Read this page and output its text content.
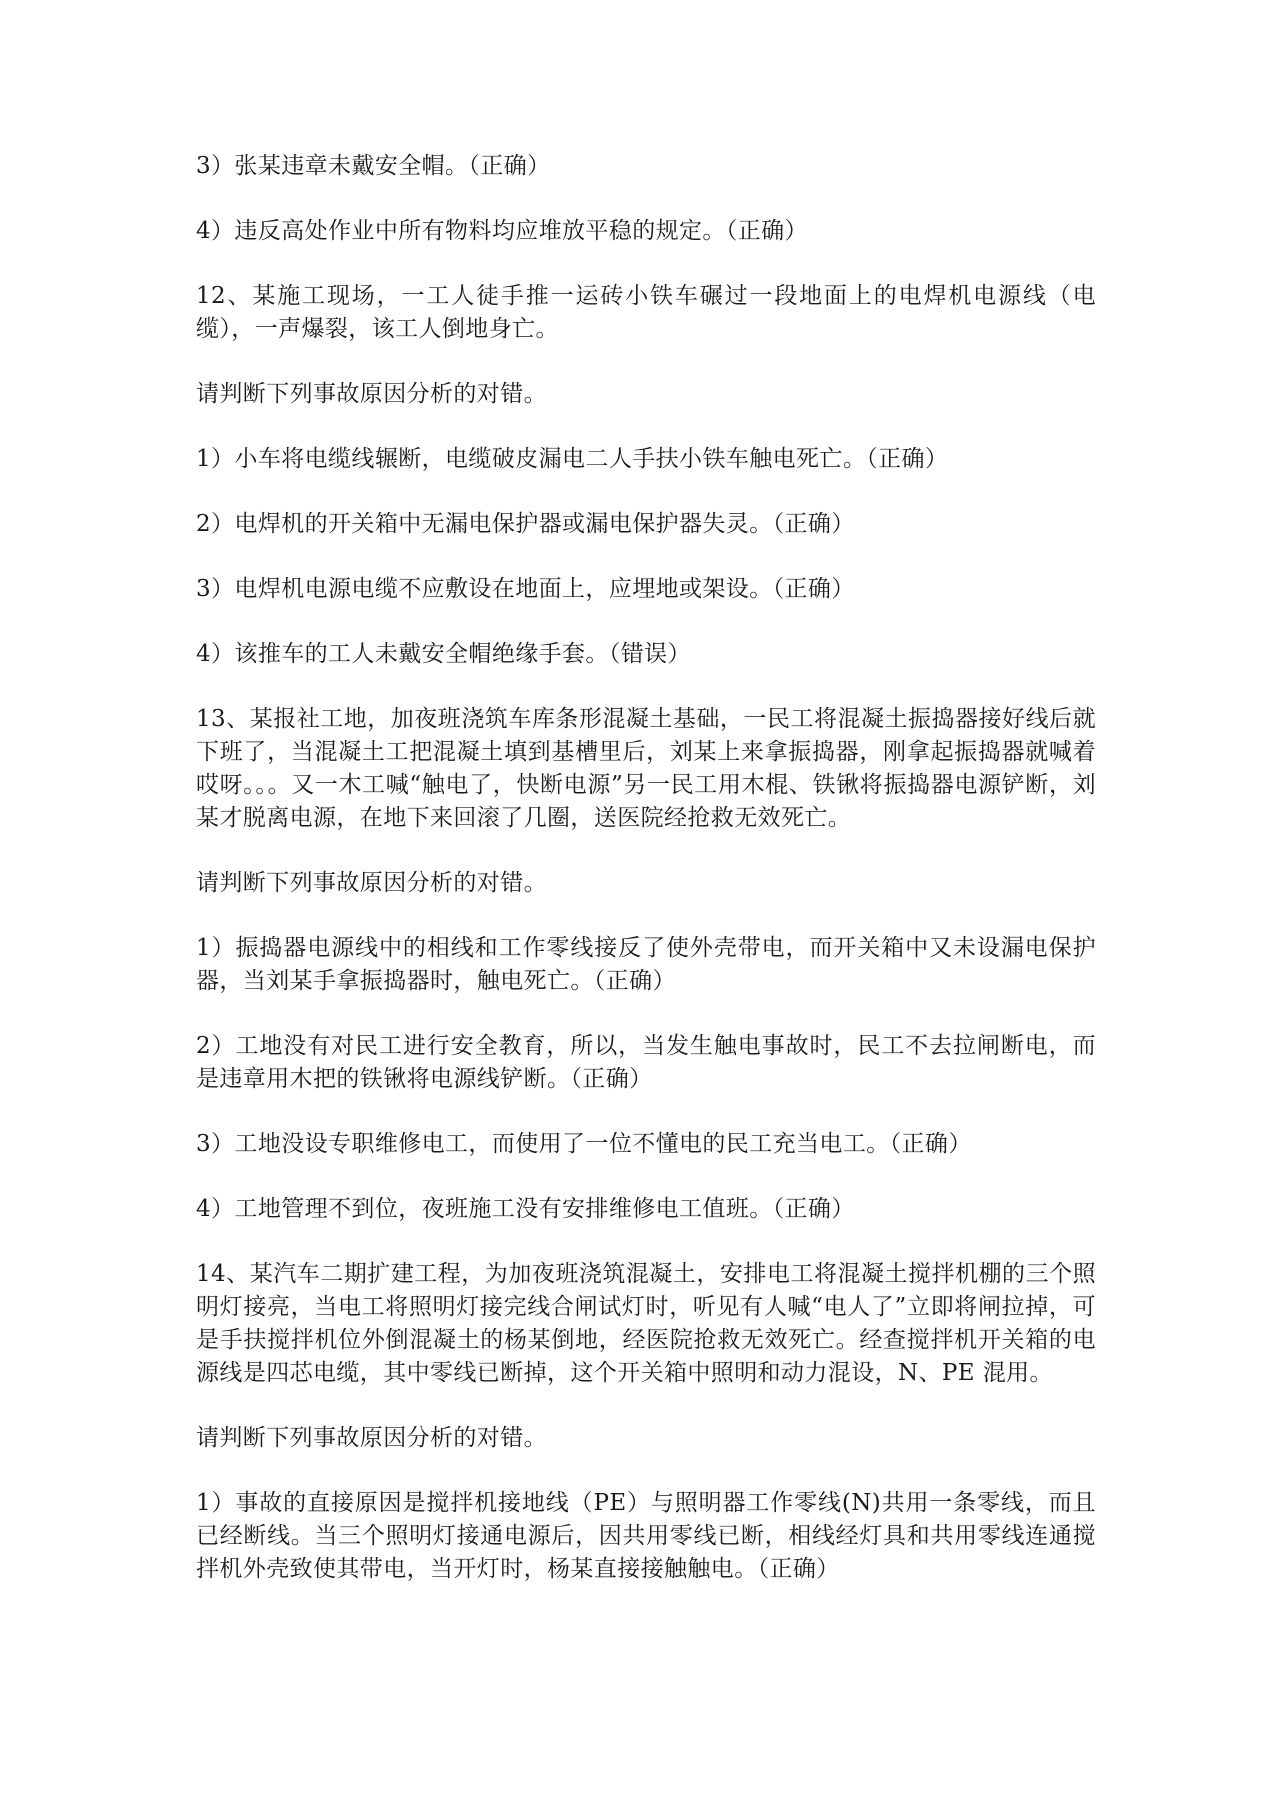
3）张某违章未戴安全帽。（正确）

4）违反高处作业中所有物料均应堆放平稳的规定。（正确）

12、某施工现场，一工人徒手推一运砖小铁车碾过一段地面上的电焊机电源线（电缆），一声爆裂，该工人倒地身亡。

请判断下列事故原因分析的对错。

1）小车将电缆线辗断，电缆破皮漏电二人手扶小铁车触电死亡。（正确）

2）电焊机的开关箱中无漏电保护器或漏电保护器失灵。（正确）

3）电焊机电源电缆不应敷设在地面上，应埋地或架设。（正确）

4）该推车的工人未戴安全帽绝缘手套。（错误）

13、某报社工地，加夜班浇筑车库条形混凝土基础，一民工将混凝土振捣器接好线后就下班了，当混凝土工把混凝土填到基槽里后，刘某上来拿振捣器，刚拿起振捣器就喊着哎呀。。。又一木工喊“触电了，快断电源”另一民工用木棍、铁锹将振捣器电源铲断，刘某才脱离电源，在地下来回滚了几圈，送医院经抢救无效死亡。

请判断下列事故原因分析的对错。

1）振捣器电源线中的相线和工作零线接反了使外壳带电，而开关箱中又未设漏电保护器，当刘某手拿振捣器时，触电死亡。（正确）

2）工地没有对民工进行安全教育，所以，当发生触电事故时，民工不去拉闸断电，而是违章用木把的铁锹将电源线铲断。（正确）

3）工地没设专职维修电工，而使用了一位不懂电的民工充当电工。（正确）

4）工地管理不到位，夜班施工没有安排维修电工值班。（正确）

14、某汽车二期扩建工程，为加夜班浇筑混凝土，安排电工将混凝土搅拌机棚的三个照明灯接亮，当电工将照明灯接完线合闸试灯时，听见有人喊“电人了”立即将闸拉掉，可是手扶搅拌机位外倒混凝土的杨某倒地，经医院抢救无效死亡。经查搅拌机开关箱的电源线是四芯电缆，其中零线已断掉，这个开关箱中照明和动力混设，N、PE 混用。

请判断下列事故原因分析的对错。

1）事故的直接原因是搅拌机接地线（PE）与照明器工作零线(N)共用一条零线，而且已经断线。当三个照明灯接通电源后，因共用零线已断，相线经灯具和共用零线连通搅拌机外壳致使其带电，当开灯时，杨某直接接触触电。（正确）
